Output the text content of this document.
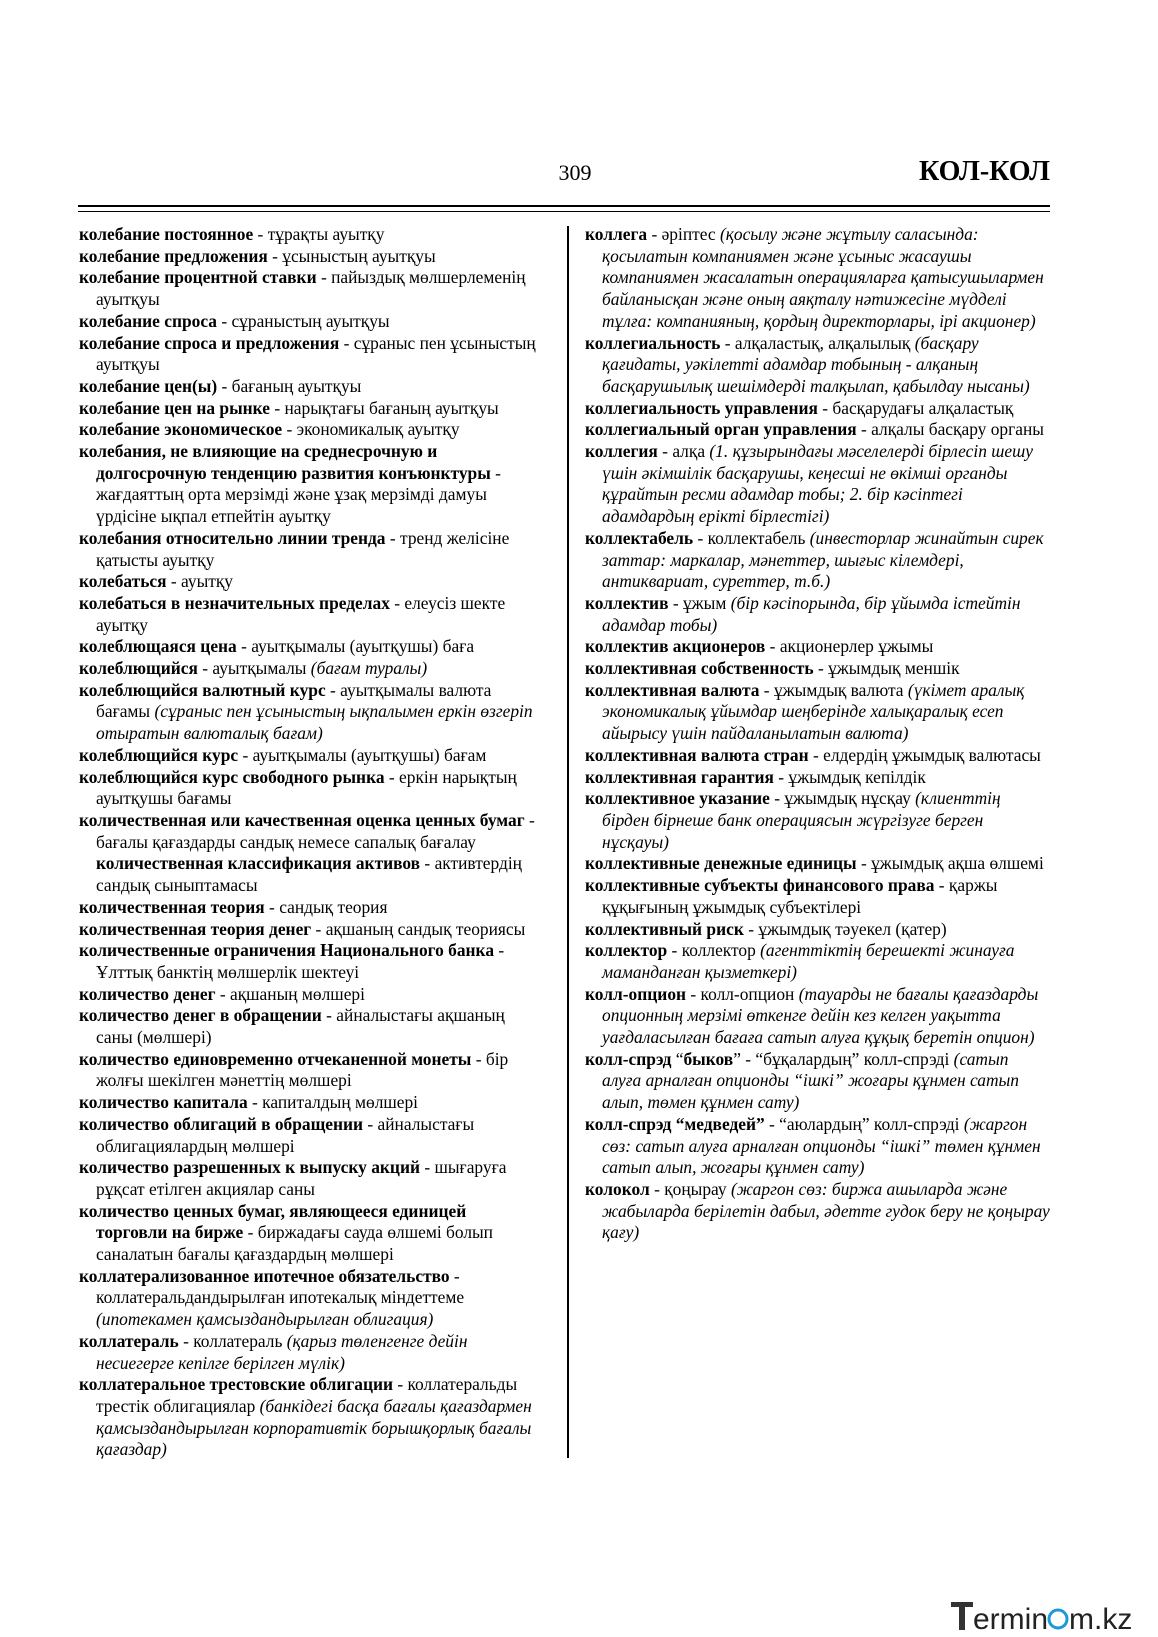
309	КОЛ-КОЛ

колебание постоянное - тұрақты ауытқу

колебание предложения - ұсыныстың ауытқуы

колебание процентной ставки - пайыздық мөлшерлеменің ауытқуы

колебание спроса - сұраныстың ауытқуы

колебание спроса и предложения - сұраныс пен ұсыныстың ауытқуы

колебание цен(ы) - бағаның ауытқуы

колебание цен на рынке - нарықтағы бағаның ауытқуы

колебание экономическое - экономикалық ауытқу

колебания, не влияющие на среднесрочную и долгосрочную тенденцию развития конъюнктуры - жағдаяттың орта мерзімді және ұзақ мерзімді дамуы үрдісіне ықпал етпейтін ауытқу

колебания относительно линии тренда - тренд желісіне қатысты ауытқу

колебаться - ауытқу

колебаться в незначительных пределах - елеусіз шекте ауытқу

колеблющаяся цена - ауытқымалы (ауытқушы) баға

колеблющийся - ауытқымалы (бағам туралы)

колеблющийся валютный курс - ауытқымалы валюта бағамы (сұраныс пен ұсыныстың ықпалымен еркін өзгеріп отыратын валюталық бағам)

колеблющийся курс - ауытқымалы (ауытқушы) бағам

колеблющийся курс свободного рынка - еркін нарықтың ауытқушы бағамы

количественная или качественная оценка ценных бумаг - бағалы қағаздарды сандық немесе сапалық бағалау количественная классификация активов - активтердің сандық сыныптамасы

количественная теория - сандық теория

количественная теория денег - ақшаның сандық теориясы

количественные ограничения Национального банка - Ұлттық банктің мөлшерлік шектеуі

количество денег - ақшаның мөлшері

количество денег в обращении - айналыстағы ақшаның саны (мөлшері)

количество единовременно отчеканенной монеты - бір жолғы шекілген мәнеттің мөлшері

количество капитала - капиталдың мөлшері

количество облигаций в обращении - айналыстағы облигациялардың мөлшері

количество разрешенных к выпуску акций - шығаруға рұқсат етілген акциялар саны

количество ценных бумаг, являющееся единицей торговли на бирже - биржадағы сауда өлшемі болып саналатын бағалы қағаздардың мөлшері

коллатерализованное ипотечное обязательство - коллатеральдандырылған ипотекалық міндеттеме (ипотекамен қамсыздандырылған облигация)

коллатераль - коллатераль (қарыз төленгенге дейін несиегерге кепілге берілген мүлік)

коллатеральное трестовские облигации - коллатеральды трестік облигациялар (банкідегі басқа бағалы қағаздармен қамсыздандырылған корпоративтік борышқорлық бағалы қағаздар)

коллега - әріптес (қосылу және жұтылу саласында: қосылатын компаниямен және ұсыныс жасаушы компаниямен жасалатын операцияларға қатысушылармен байланысқан және оның аяқталу нәтижесіне мүдделі тұлға: компанияның, қордың директорлары, ірі акционер)

коллегиальность - алқаластық, алқалылық (басқару қағидаты, уәкілетті адамдар тобының - алқаның басқарушылық шешімдерді талқылап, қабылдау нысаны)

коллегиальность управления - басқарудағы алқаластық

коллегиальный орган управления - алқалы басқару органы

коллегия - алқа (1. құзырындағы мәселелерді бірлесіп шешу үшін әкімшілік басқарушы, кеңесші не өкімші органды құрайтын ресми адамдар тобы; 2. бір кәсіптегі адамдардың ерікті бірлестігі)

коллектабель - коллектабель (инвесторлар жинайтын сирек заттар: маркалар, мәнеттер, шығыс кілемдері, антиквариат, суреттер, т.б.)

коллектив - ұжым (бір кәсіпорында, бір ұйымда істейтін адамдар тобы)

коллектив акционеров - акционерлер ұжымы

коллективная собственность - ұжымдық меншік

коллективная валюта - ұжымдық валюта (үкімет аралық экономикалық ұйымдар шеңберінде халықаралық есеп айырысу үшін пайдаланылатын валюта)

коллективная валюта стран - елдердің ұжымдық валютасы

коллективная гарантия - ұжымдық кепілдік

коллективное указание - ұжымдық нұсқау (клиенттің бірден бірнеше банк операциясын жүргізуге берген нұсқауы)

коллективные денежные единицы - ұжымдық ақша өлшемі

коллективные субъекты финансового права - қаржы құқығының ұжымдық субъектілері

коллективный риск - ұжымдық тәуекел (қатер)

коллектор - коллектор (агенттіктің берешекті жинауға маманданған қызметкері)

колл-опцион - колл-опцион (тауарды не бағалы қағаздарды опционның мерзімі өткенге дейін кез келген уақытта уағдаласылған бағаға сатып алуға құқық беретін опцион)

колл-спрэд “быков” - “бұқалардың” колл-спрэді (сатып алуға арналған опционды “ішкі” жоғары құнмен сатып алып, төмен құнмен сату)

колл-спрэд “медведей” - “аюлардың” колл-спрэді (жаргон сөз: сатып алуға арналған опционды “ішкі” төмен құнмен сатып алып, жоғары құнмен сату)

колокол - қоңырау (жаргон сөз: биржа ашыларда және жабыларда берілетін дабыл, әдетте гудок беру не қоңырау қағу)

ermin m.kz
